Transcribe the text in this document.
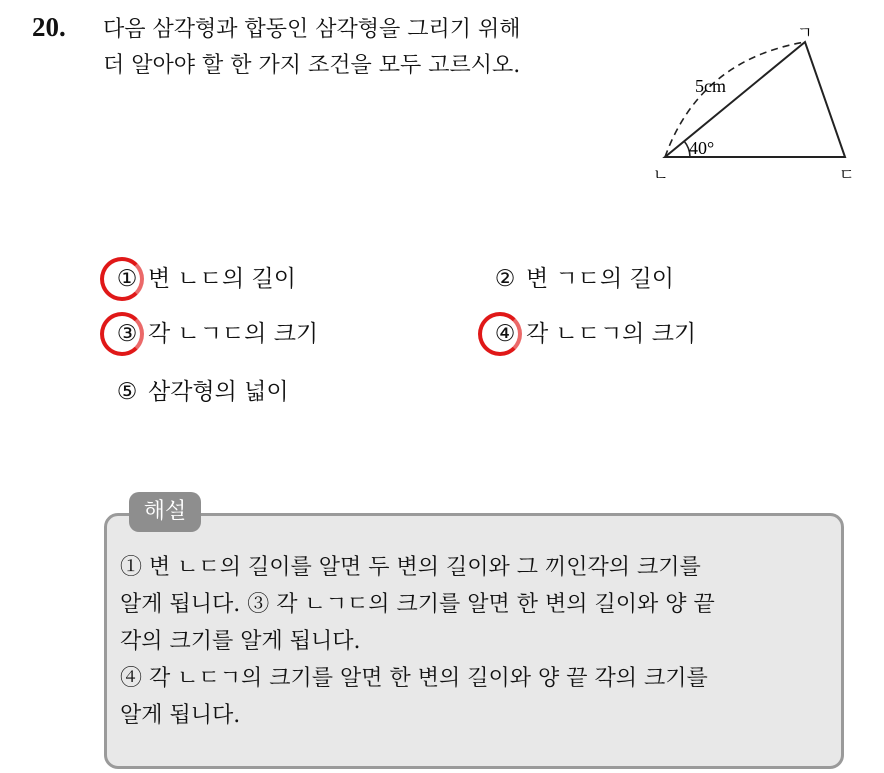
20. 다음 삼각형과 합동인 삼각형을 그리기 위해
더 알아야 할 한 가지 조건을 모두 고르시오.
ㄱ
ㄴ	ㄷ
5cm
40°
① 변 ㄴㄷ의 길이	② 변 ㄱㄷ의 길이
③ 각 ㄴㄱㄷ의 크기	④ 각 ㄴㄷㄱ의 크기
⑤ 삼각형의 넓이
해설
① 변 ㄴㄷ의 길이를 알면 두 변의 길이와 그 끼인각의 크기를
알게 됩니다. ③ 각 ㄴㄱㄷ의 크기를 알면 한 변의 길이와 양 끝
각의 크기를 알게 됩니다.
④ 각 ㄴㄷㄱ의 크기를 알면 한 변의 길이와 양 끝 각의 크기를
알게 됩니다.
